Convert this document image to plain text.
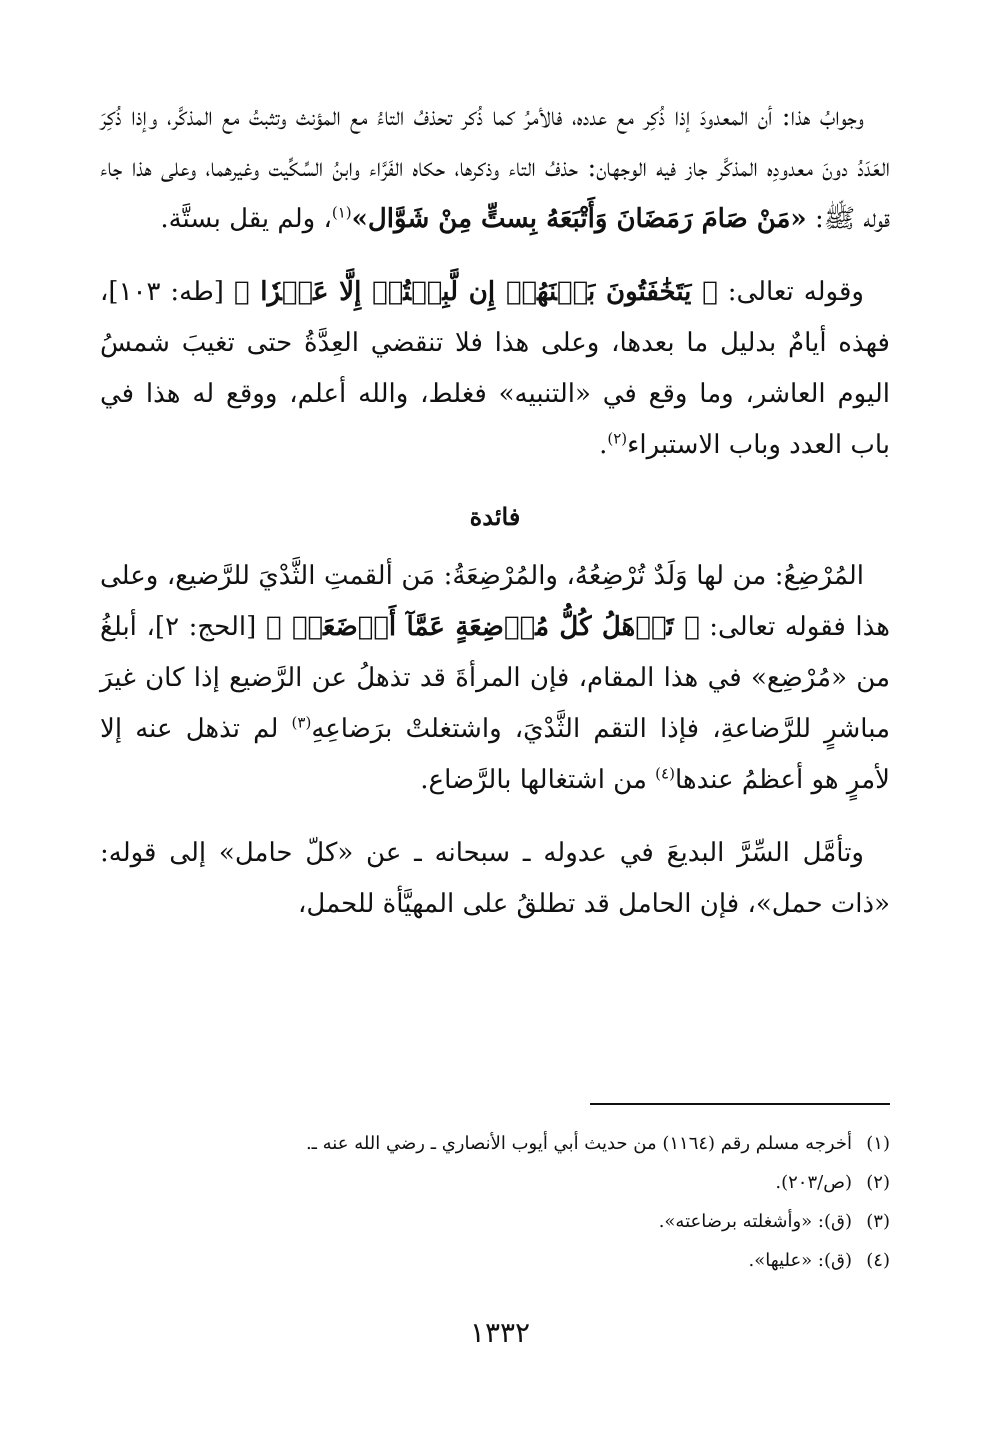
وجوابُ هذا: أن المعدودَ إذا ذُكِر مع عدده، فالأمرُ كما ذُكر تحذفُ التاءُ مع المؤنث وتثبتُ مع المذكَّر، وإذا ذُكِرَ العَدَدُ دونَ معدودِه المذكَّر جاز فيه الوجهان: حذفُ التاء وذكرها، حكاه الفَرَّاء وابنُ السِّكِّيت وغيرهما، وعلى هذا جاء قوله ﷺ: «مَنْ صَامَ رَمَضَانَ وَأَتْبَعَهُ بِستٍّ مِنْ شَوَّال»$^{(١)}$، ولم يقل بستَّة.

وقوله تعالى: ﴿ يَتَخَٰفَتُونَ بَيۡنَهُمۡ إِن لَّبِثۡتُمۡ إِلَّا عَشۡرٗا ﴾ [طه: ١٠٣]، فهذه أيامٌ بدليل ما بعدها، وعلى هذا فلا تنقضي العِدَّةُ حتى تغيبَ شمسُ اليوم العاشر، وما وقع في «التنبيه» فغلط، والله أعلم، ووقع له هذا في باب العدد وباب الاستبراء$^{(٢)}$.

فائدة

المُرْضِعُ: من لها وَلَدٌ تُرْضِعُهُ، والمُرْضِعَةُ: مَن ألقمتِ الثَّدْيَ للرَّضيع، وعلى هذا فقوله تعالى: ﴿ تَذۡهَلُ كُلُّ مُرۡضِعَةٍ عَمَّآ أَرۡضَعَتۡ ﴾ [الحج: ٢]، أبلغُ من «مُرْضِع» في هذا المقام، فإن المرأةَ قد تذهلُ عن الرَّضيع إذا كان غيرَ مباشرٍ للرَّضاعةِ، فإذا التقم الثَّدْيَ، واشتغلتْ برَضاعِهِ$^{(٣)}$ لم تذهل عنه إلا لأمرٍ هو أعظمُ عندها$^{(٤)}$ من اشتغالها بالرَّضاع.

وتأمَّل السِّرَّ البديعَ في عدوله ـ سبحانه ـ عن «كلّ حامل» إلى قوله: «ذات حمل»، فإن الحامل قد تطلقُ على المهيَّأة للحمل،

(١)أخرجه مسلم رقم (١١٦٤) من حديث أبي أيوب الأنصاري ـ رضي الله عنه ـ.
(٢)(ص/٢٠٣).
(٣)(ق): «وأشغلته برضاعته».
(٤)(ق): «عليها».
١٣٣٢
